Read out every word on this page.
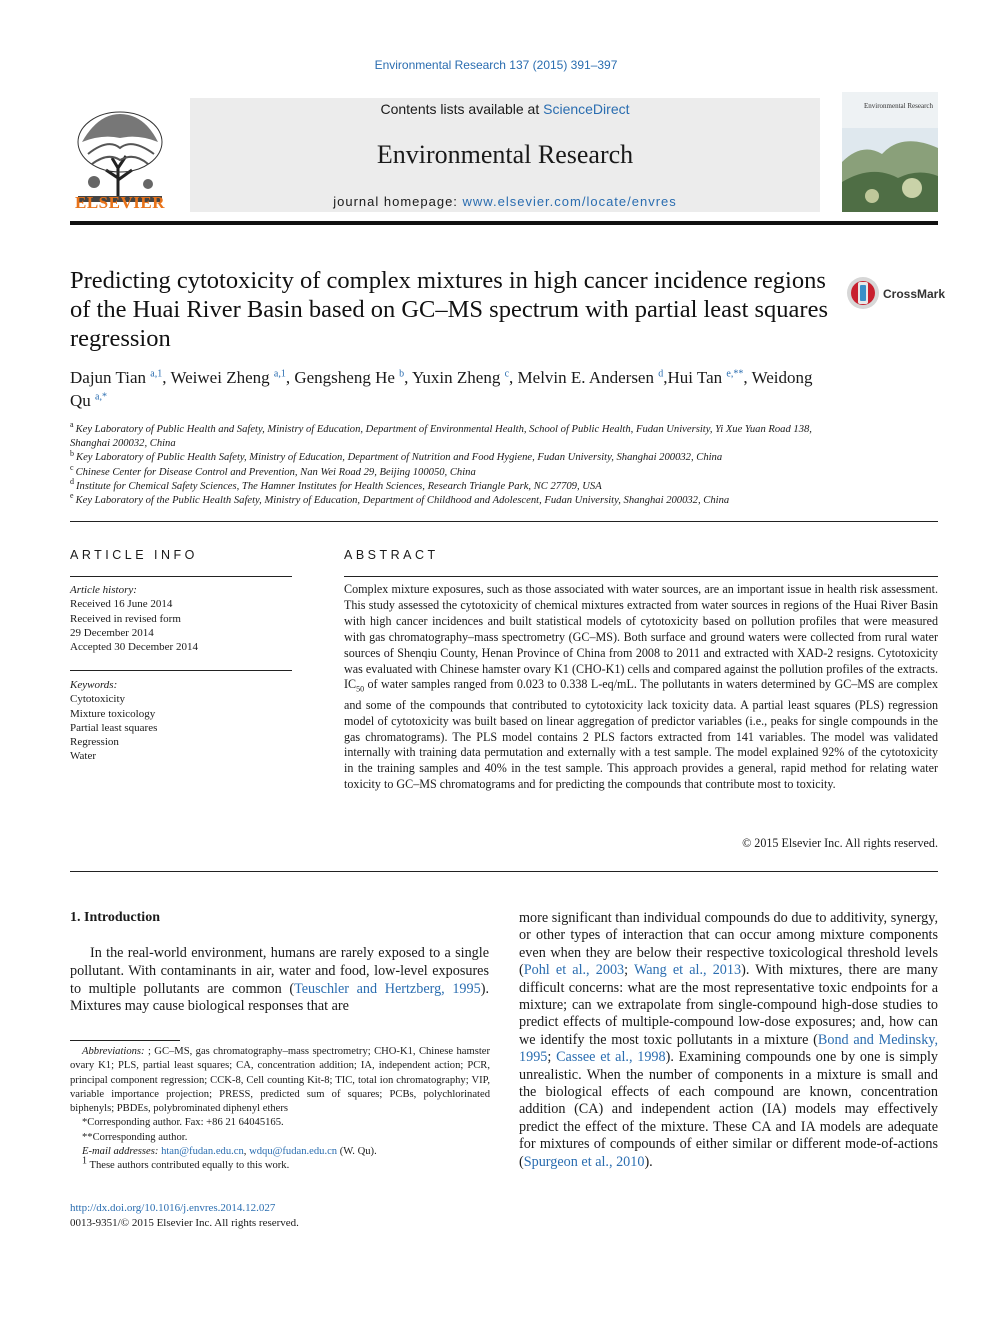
Environmental Research 137 (2015) 391–397
ELSEVIER
Contents lists available at ScienceDirect
Environmental Research
journal homepage: www.elsevier.com/locate/envres
Environmental Research
Predicting cytotoxicity of complex mixtures in high cancer incidence regions of the Huai River Basin based on GC–MS spectrum with partial least squares regression
CrossMark
Dajun Tian $^{a,1}$, Weiwei Zheng $^{a,1}$, Gengsheng He $^b$, Yuxin Zheng $^c$, Melvin E. Andersen $^d$,Hui Tan $^{e,**}$, Weidong Qu $^{a,*}$
$^a$ Key Laboratory of Public Health and Safety, Ministry of Education, Department of Environmental Health, School of Public Health, Fudan University, Yi Xue Yuan Road 138, Shanghai 200032, China
$^b$ Key Laboratory of Public Health Safety, Ministry of Education, Department of Nutrition and Food Hygiene, Fudan University, Shanghai 200032, China
$^c$ Chinese Center for Disease Control and Prevention, Nan Wei Road 29, Beijing 100050, China
$^d$ Institute for Chemical Safety Sciences, The Hamner Institutes for Health Sciences, Research Triangle Park, NC 27709, USA
$^e$ Key Laboratory of the Public Health Safety, Ministry of Education, Department of Childhood and Adolescent, Fudan University, Shanghai 200032, China
ARTICLE INFO
Article history:
Received 16 June 2014
Received in revised form
29 December 2014
Accepted 30 December 2014
Keywords:
Cytotoxicity
Mixture toxicology
Partial least squares
Regression
Water
ABSTRACT
Complex mixture exposures, such as those associated with water sources, are an important issue in health risk assessment. This study assessed the cytotoxicity of chemical mixtures extracted from water sources in regions of the Huai River Basin with high cancer incidences and built statistical models of cytotoxicity based on pollution profiles that were measured with gas chromatography–mass spectrometry (GC–MS). Both surface and ground waters were collected from rural water sources of Shenqiu County, Henan Province of China from 2008 to 2011 and extracted with XAD-2 resigns. Cytotoxicity was evaluated with Chinese hamster ovary K1 (CHO-K1) cells and compared against the pollution profiles of the extracts. $IC_{50}$ of water samples ranged from 0.023 to 0.338 L-eq/mL. The pollutants in waters determined by GC–MS are complex and some of the compounds that contributed to cytotoxicity lack toxicity data. A partial least squares (PLS) regression model of cytotoxicity was built based on linear aggregation of predictor variables (i.e., peaks for single compounds in the gas chromatograms). The PLS model contains 2 PLS factors extracted from 141 variables. The model was validated internally with training data permutation and externally with a test sample. The model explained 92% of the cytotoxicity in the training samples and 40% in the test sample. This approach provides a general, rapid method for relating water toxicity to GC–MS chromatograms and for predicting the compounds that contribute most to toxicity.
© 2015 Elsevier Inc. All rights reserved.
1. Introduction
In the real-world environment, humans are rarely exposed to a single pollutant. With contaminants in air, water and food, low-level exposures to multiple pollutants are common (Teuschler and Hertzberg, 1995). Mixtures may cause biological responses that are
more significant than individual compounds do due to additivity, synergy, or other types of interaction that can occur among mixture components even when they are below their respective toxicological threshold levels (Pohl et al., 2003; Wang et al., 2013). With mixtures, there are many difficult concerns: what are the most representative toxic endpoints for a mixture; can we extrapolate from single-compound high-dose studies to predict effects of multiple-compound low-dose exposures; and, how can we identify the most toxic pollutants in a mixture (Bond and Medinsky, 1995; Cassee et al., 1998). Examining compounds one by one is simply unrealistic. When the number of components in a mixture is small and the biological effects of each compound are known, concentration addition (CA) and independent action (IA) models may effectively predict the effect of the mixture. These CA and IA models are adequate for mixtures of compounds of either similar or different mode-of-actions (Spurgeon et al., 2010).

Abbreviations: ; GC–MS, gas chromatography–mass spectrometry; CHO-K1, Chinese hamster ovary K1; PLS, partial least squares; CA, concentration addition; IA, independent action; PCR, principal component regression; CCK-8, Cell counting Kit-8; TIC, total ion chromatography; VIP, variable importance projection; PRESS, predicted sum of squares; PCBs, polychlorinated biphenyls; PBDEs, polybrominated diphenyl ethers

*Corresponding author. Fax: +86 21 64045165.

**Corresponding author.

E-mail addresses: htan@fudan.edu.cn, wdqu@fudan.edu.cn (W. Qu).

$^1$ These authors contributed equally to this work.

http://dx.doi.org/10.1016/j.envres.2014.12.027
0013-9351/© 2015 Elsevier Inc. All rights reserved.
